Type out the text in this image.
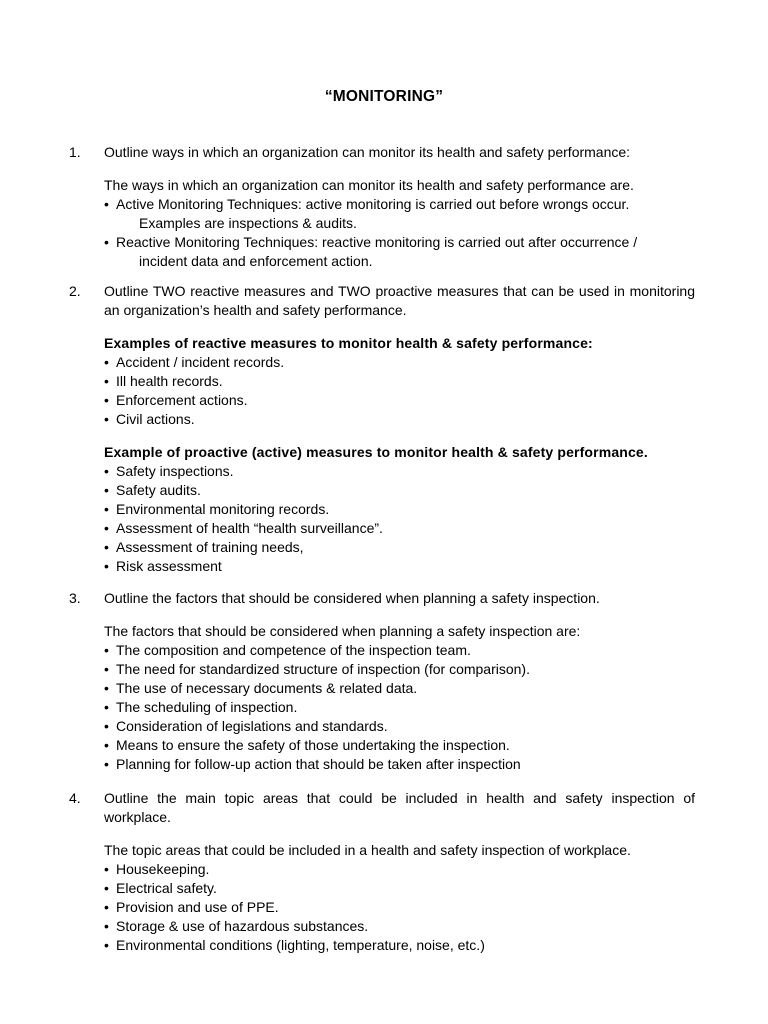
“MONITORING”
1.	Outline ways in which an organization can monitor its health and safety performance:
The ways in which an organization can monitor its health and safety performance are.
• Active Monitoring Techniques: active monitoring is carried out before wrongs occur.
Examples are inspections & audits.
• Reactive Monitoring Techniques: reactive monitoring is carried out after occurrence /
incident data and enforcement action.
2.	Outline TWO reactive measures and TWO proactive measures that can be used in monitoring an organization’s health and safety performance.
Examples of reactive measures to monitor health & safety performance:
• Accident / incident records.
• Ill health records.
• Enforcement actions.
• Civil actions.
Example of proactive (active) measures to monitor health & safety performance.
• Safety inspections.
• Safety audits.
• Environmental monitoring records.
• Assessment of health “health surveillance”.
• Assessment of training needs,
• Risk assessment
3.	Outline the factors that should be considered when planning a safety inspection.
The factors that should be considered when planning a safety inspection are:
• The composition and competence of the inspection team.
• The need for standardized structure of inspection (for comparison).
• The use of necessary documents & related data.
• The scheduling of inspection.
• Consideration of legislations and standards.
• Means to ensure the safety of those undertaking the inspection.
• Planning for follow-up action that should be taken after inspection
4.	Outline the main topic areas that could be included in health and safety inspection of workplace.
The topic areas that could be included in a health and safety inspection of workplace.
• Housekeeping.
• Electrical safety.
• Provision and use of PPE.
• Storage & use of hazardous substances.
• Environmental conditions (lighting, temperature, noise, etc.)
